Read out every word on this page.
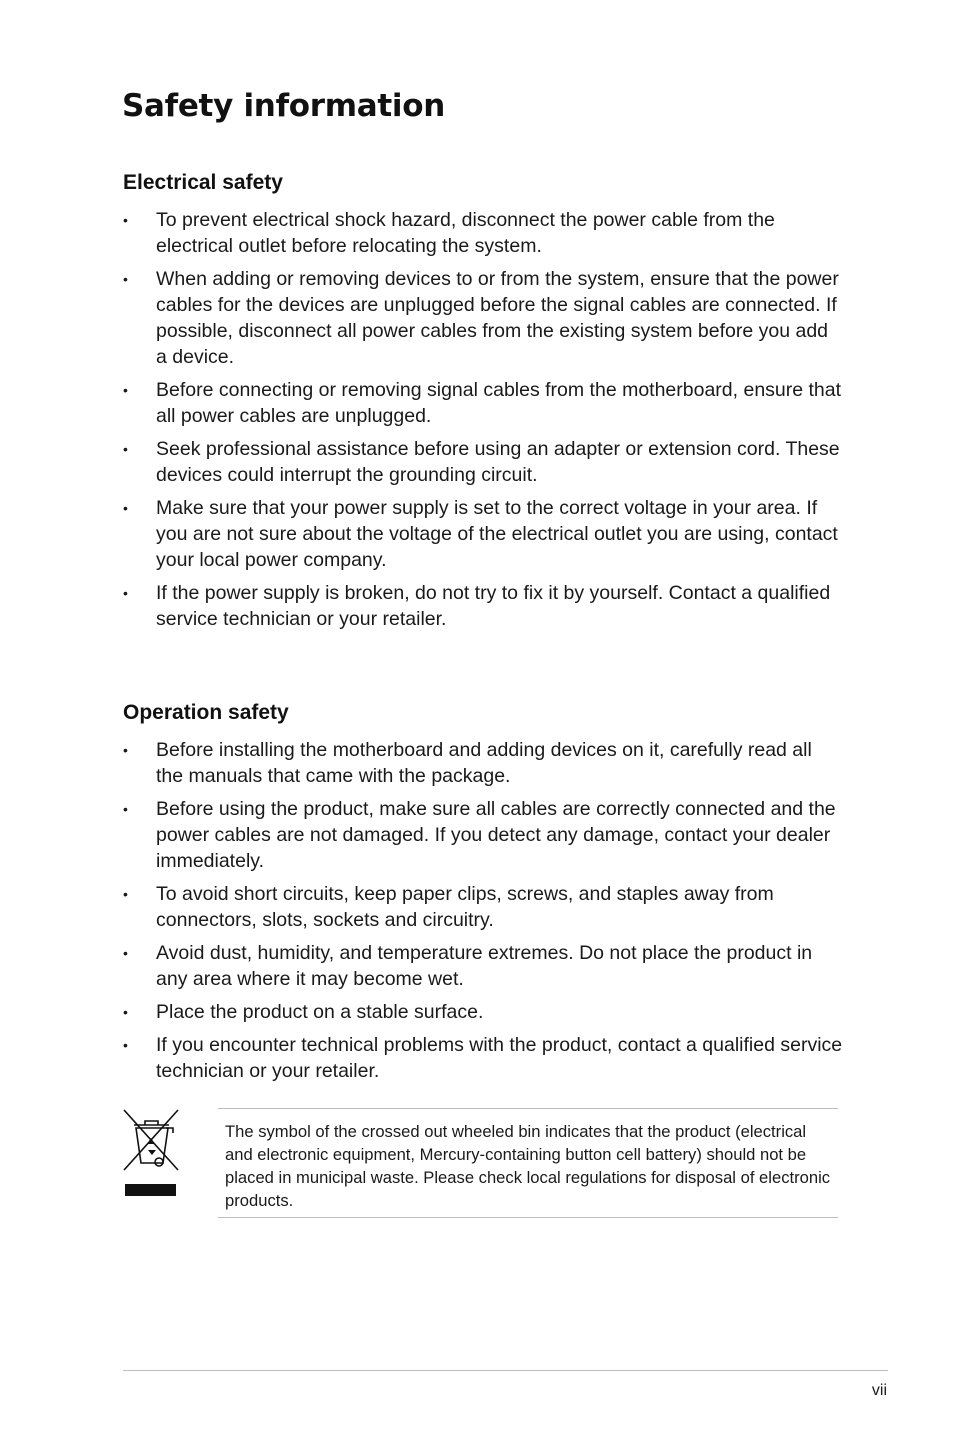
Safety information
Electrical safety
• To prevent electrical shock hazard, disconnect the power cable from the electrical outlet before relocating the system.
• When adding or removing devices to or from the system, ensure that the power cables for the devices are unplugged before the signal cables are connected. If possible, disconnect all power cables from the existing system before you add a device.
• Before connecting or removing signal cables from the motherboard, ensure that all power cables are unplugged.
• Seek professional assistance before using an adapter or extension cord. These devices could interrupt the grounding circuit.
• Make sure that your power supply is set to the correct voltage in your area. If you are not sure about the voltage of the electrical outlet you are using, contact your local power company.
• If the power supply is broken, do not try to fix it by yourself. Contact a qualified service technician or your retailer.
Operation safety
• Before installing the motherboard and adding devices on it, carefully read all the manuals that came with the package.
• Before using the product, make sure all cables are correctly connected and the power cables are not damaged. If you detect any damage, contact your dealer immediately.
• To avoid short circuits, keep paper clips, screws, and staples away from connectors, slots, sockets and circuitry.
• Avoid dust, humidity, and temperature extremes. Do not place the product in any area where it may become wet.
• Place the product on a stable surface.
• If you encounter technical problems with the product, contact a qualified service technician or your retailer.

The symbol of the crossed out wheeled bin indicates that the product (electrical and electronic equipment, Mercury-containing button cell battery) should not be placed in municipal waste. Please check local regulations for disposal of electronic products.

vii
